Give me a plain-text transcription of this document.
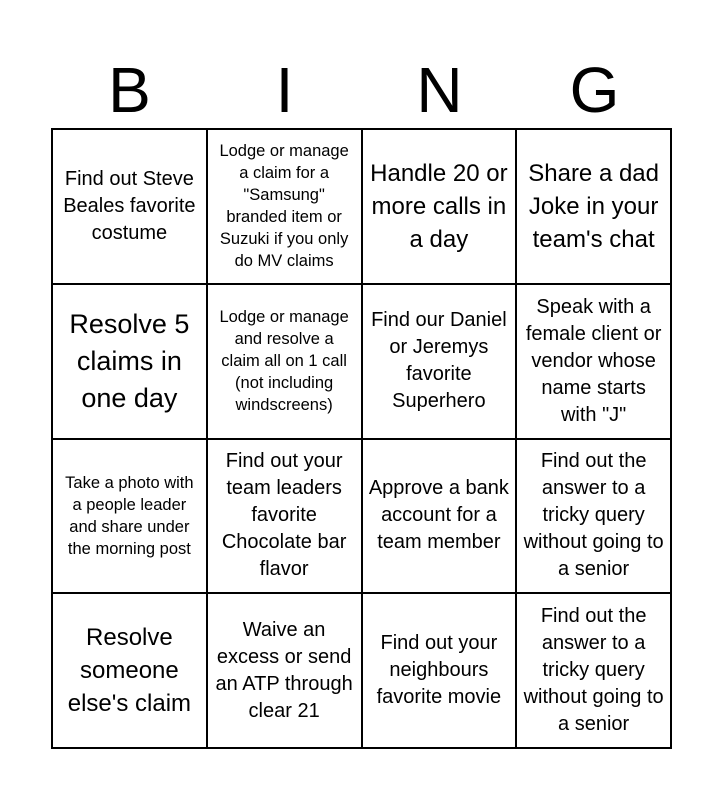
B	I	N	G
Find out Steve Beales favorite costume
Lodge or manage a claim for a "Samsung" branded item or Suzuki if you only do MV claims
Handle 20 or more calls in a day
Share a dad Joke in your team's chat
Resolve 5 claims in one day
Lodge or manage and resolve a claim all on 1 call (not including windscreens)
Find our Daniel or Jeremys favorite Superhero
Speak with a female client or vendor whose name starts with "J"
Take a photo with a people leader and share under the morning post
Find out your team leaders favorite Chocolate bar flavor
Approve a bank account for a team member
Find out the answer to a tricky query without going to a senior
Resolve someone else's claim
Waive an excess or send an ATP through clear 21
Find out your neighbours favorite movie
Find out the answer to a tricky query without going to a senior
